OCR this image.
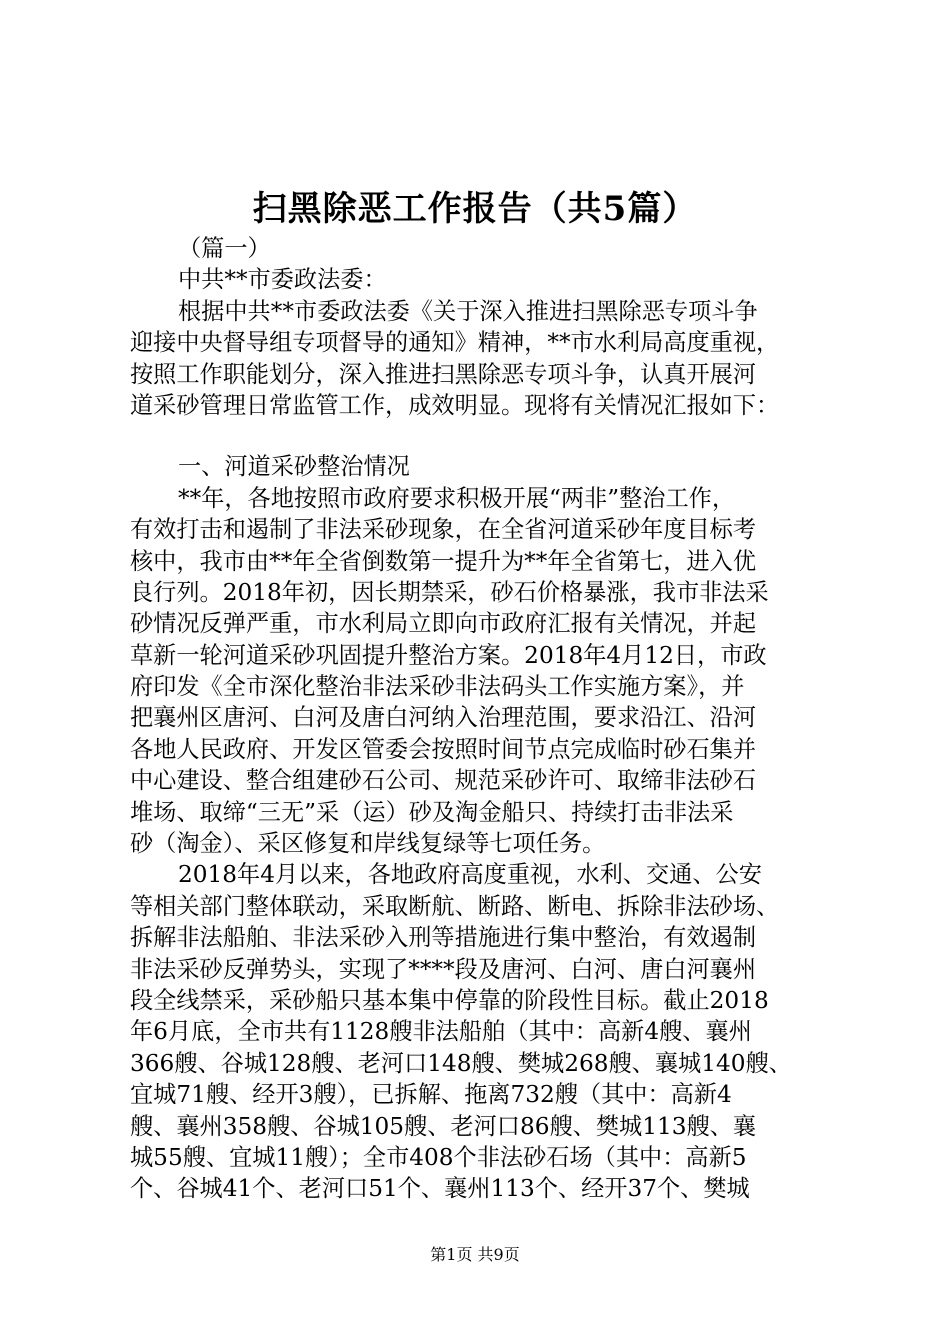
扫黑除恶工作报告（共5篇）
（篇一）
中共**市委政法委：
根据中共**市委政法委《关于深入推进扫黑除恶专项斗争
迎接中央督导组专项督导的通知》精神，**市水利局高度重视，
按照工作职能划分，深入推进扫黑除恶专项斗争，认真开展河
道采砂管理日常监管工作，成效明显。现将有关情况汇报如下：
一、河道采砂整治情况
**年，各地按照市政府要求积极开展“两非”整治工作，
有效打击和遏制了非法采砂现象，在全省河道采砂年度目标考
核中，我市由**年全省倒数第一提升为**年全省第七，进入优
良行列。2018年初，因长期禁采，砂石价格暴涨，我市非法采
砂情况反弹严重，市水利局立即向市政府汇报有关情况，并起
草新一轮河道采砂巩固提升整治方案。2018年4月12日，市政
府印发《全市深化整治非法采砂非法码头工作实施方案》，并
把襄州区唐河、白河及唐白河纳入治理范围，要求沿江、沿河
各地人民政府、开发区管委会按照时间节点完成临时砂石集并
中心建设、整合组建砂石公司、规范采砂许可、取缔非法砂石
堆场、取缔“三无”采（运）砂及淘金船只、持续打击非法采
砂（淘金）、采区修复和岸线复绿等七项任务。
2018年4月以来，各地政府高度重视，水利、交通、公安
等相关部门整体联动，采取断航、断路、断电、拆除非法砂场、
拆解非法船舶、非法采砂入刑等措施进行集中整治，有效遏制
非法采砂反弹势头，实现了****段及唐河、白河、唐白河襄州
段全线禁采，采砂船只基本集中停靠的阶段性目标。截止2018
年6月底，全市共有1128艘非法船舶（其中：高新4艘、襄州
366艘、谷城128艘、老河口148艘、樊城268艘、襄城140艘、
宜城71艘、经开3艘），已拆解、拖离732艘（其中：高新4
艘、襄州358艘、谷城105艘、老河口86艘、樊城113艘、襄
城55艘、宜城11艘）；全市408个非法砂石场（其中：高新5
个、谷城41个、老河口51个、襄州113个、经开37个、樊城
第1页 共9页
